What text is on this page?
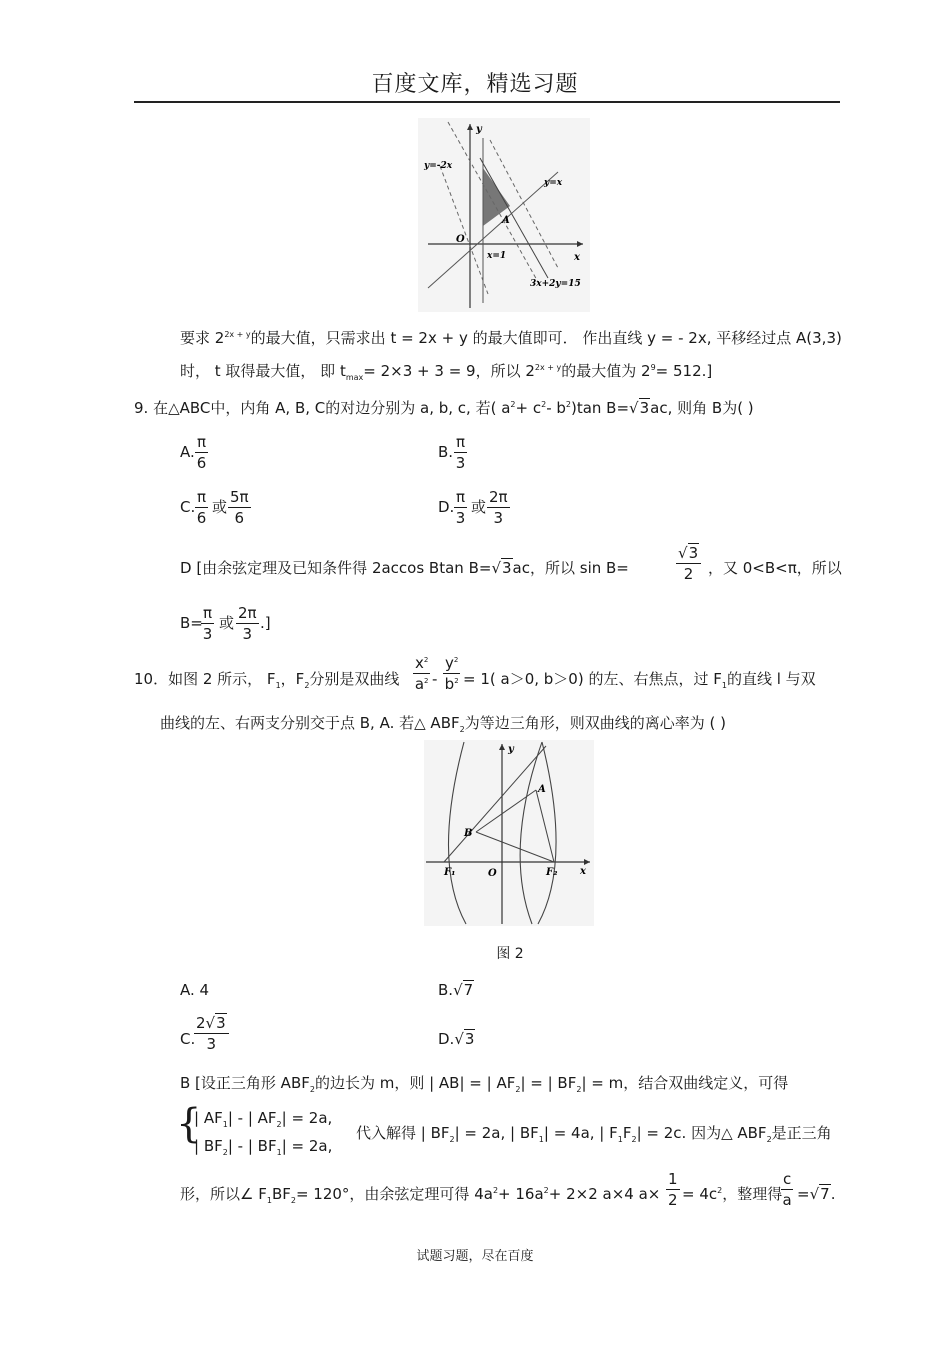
百度文库，精选习题
y
x
O
y=-2x
y=x
A
x=1
3x+2y=15
要求 $2^{2x + y}$的最大值，只需求出 t = 2x + y 的最大值即可． 作出直线 y = - 2x, 平移经过点 A(3,3)
时， t 取得最大值， 即 $t_{max}= 2\times 3 + 3 = 9$，所以 $2^{2x + y}$的最大值为 $2^9= 512$.]
9. 在△ABC中，内角 A, B, C的对边分别为 a, b, c, 若( $a^2+ c^2-$ $b^2)\tan$ B=√3ac, 则角 B为( )
A. $\frac{\pi}{6}$	B. $\frac{\pi}{3}$
C. $\frac{\pi}{6}$ 或 $\frac{5\pi}{6}$	D. $\frac{\pi}{3}$ 或 $\frac{2\pi}{3}$
D [由余弦定理及已知条件得 2accos Btan B=√3ac，所以 sin B=	$\frac{√3}{2}$ ，又 0<B<π，所以
B=
$\frac{\pi}{3}$ 或 $\frac{2\pi}{3}$ .]
10．如图 2 所示， $F_1$，$F_2$分别是双曲线 $\frac{x^2}{a^2} - \frac{y^2}{b^2} = 1$( a＞0, b＞0) 的左、右焦点，过 $F_1$的直线 l 与双
曲线的左、右两支分别交于点 B, A. 若△ $ABF_2$为等边三角形，则双曲线的离心率为 ( )
y
x
A
B
F₁	O	F₂
图 2
A. 4	B.√7
C.
$\frac{2√3}{3}$	D.√3
B [设正三角形 $ABF_2$的边长为 m，则 | AB| = | $AF_2|$ = | $BF_2| = m$，结合双曲线定义，可得
{
| $AF_1|$ - | $AF_2| = 2a$,
| $BF_2|$ - | $BF_1| = 2a$,
代入解得 | $BF_2| = 2a$, | $BF_1| = 4a$, | $F_1F_2| = 2c$. 因为△ $ABF_2$是正三角
形，所以∠ $F_1BF_2= 120^\circ$，由余弦定理可得 $4a^2+ 16a^2+ 2\times 2$ a×4 $a\times \frac{1}{2} = 4c^2$，整理得
$\frac{c}{a} =√7$.
试题习题，尽在百度
